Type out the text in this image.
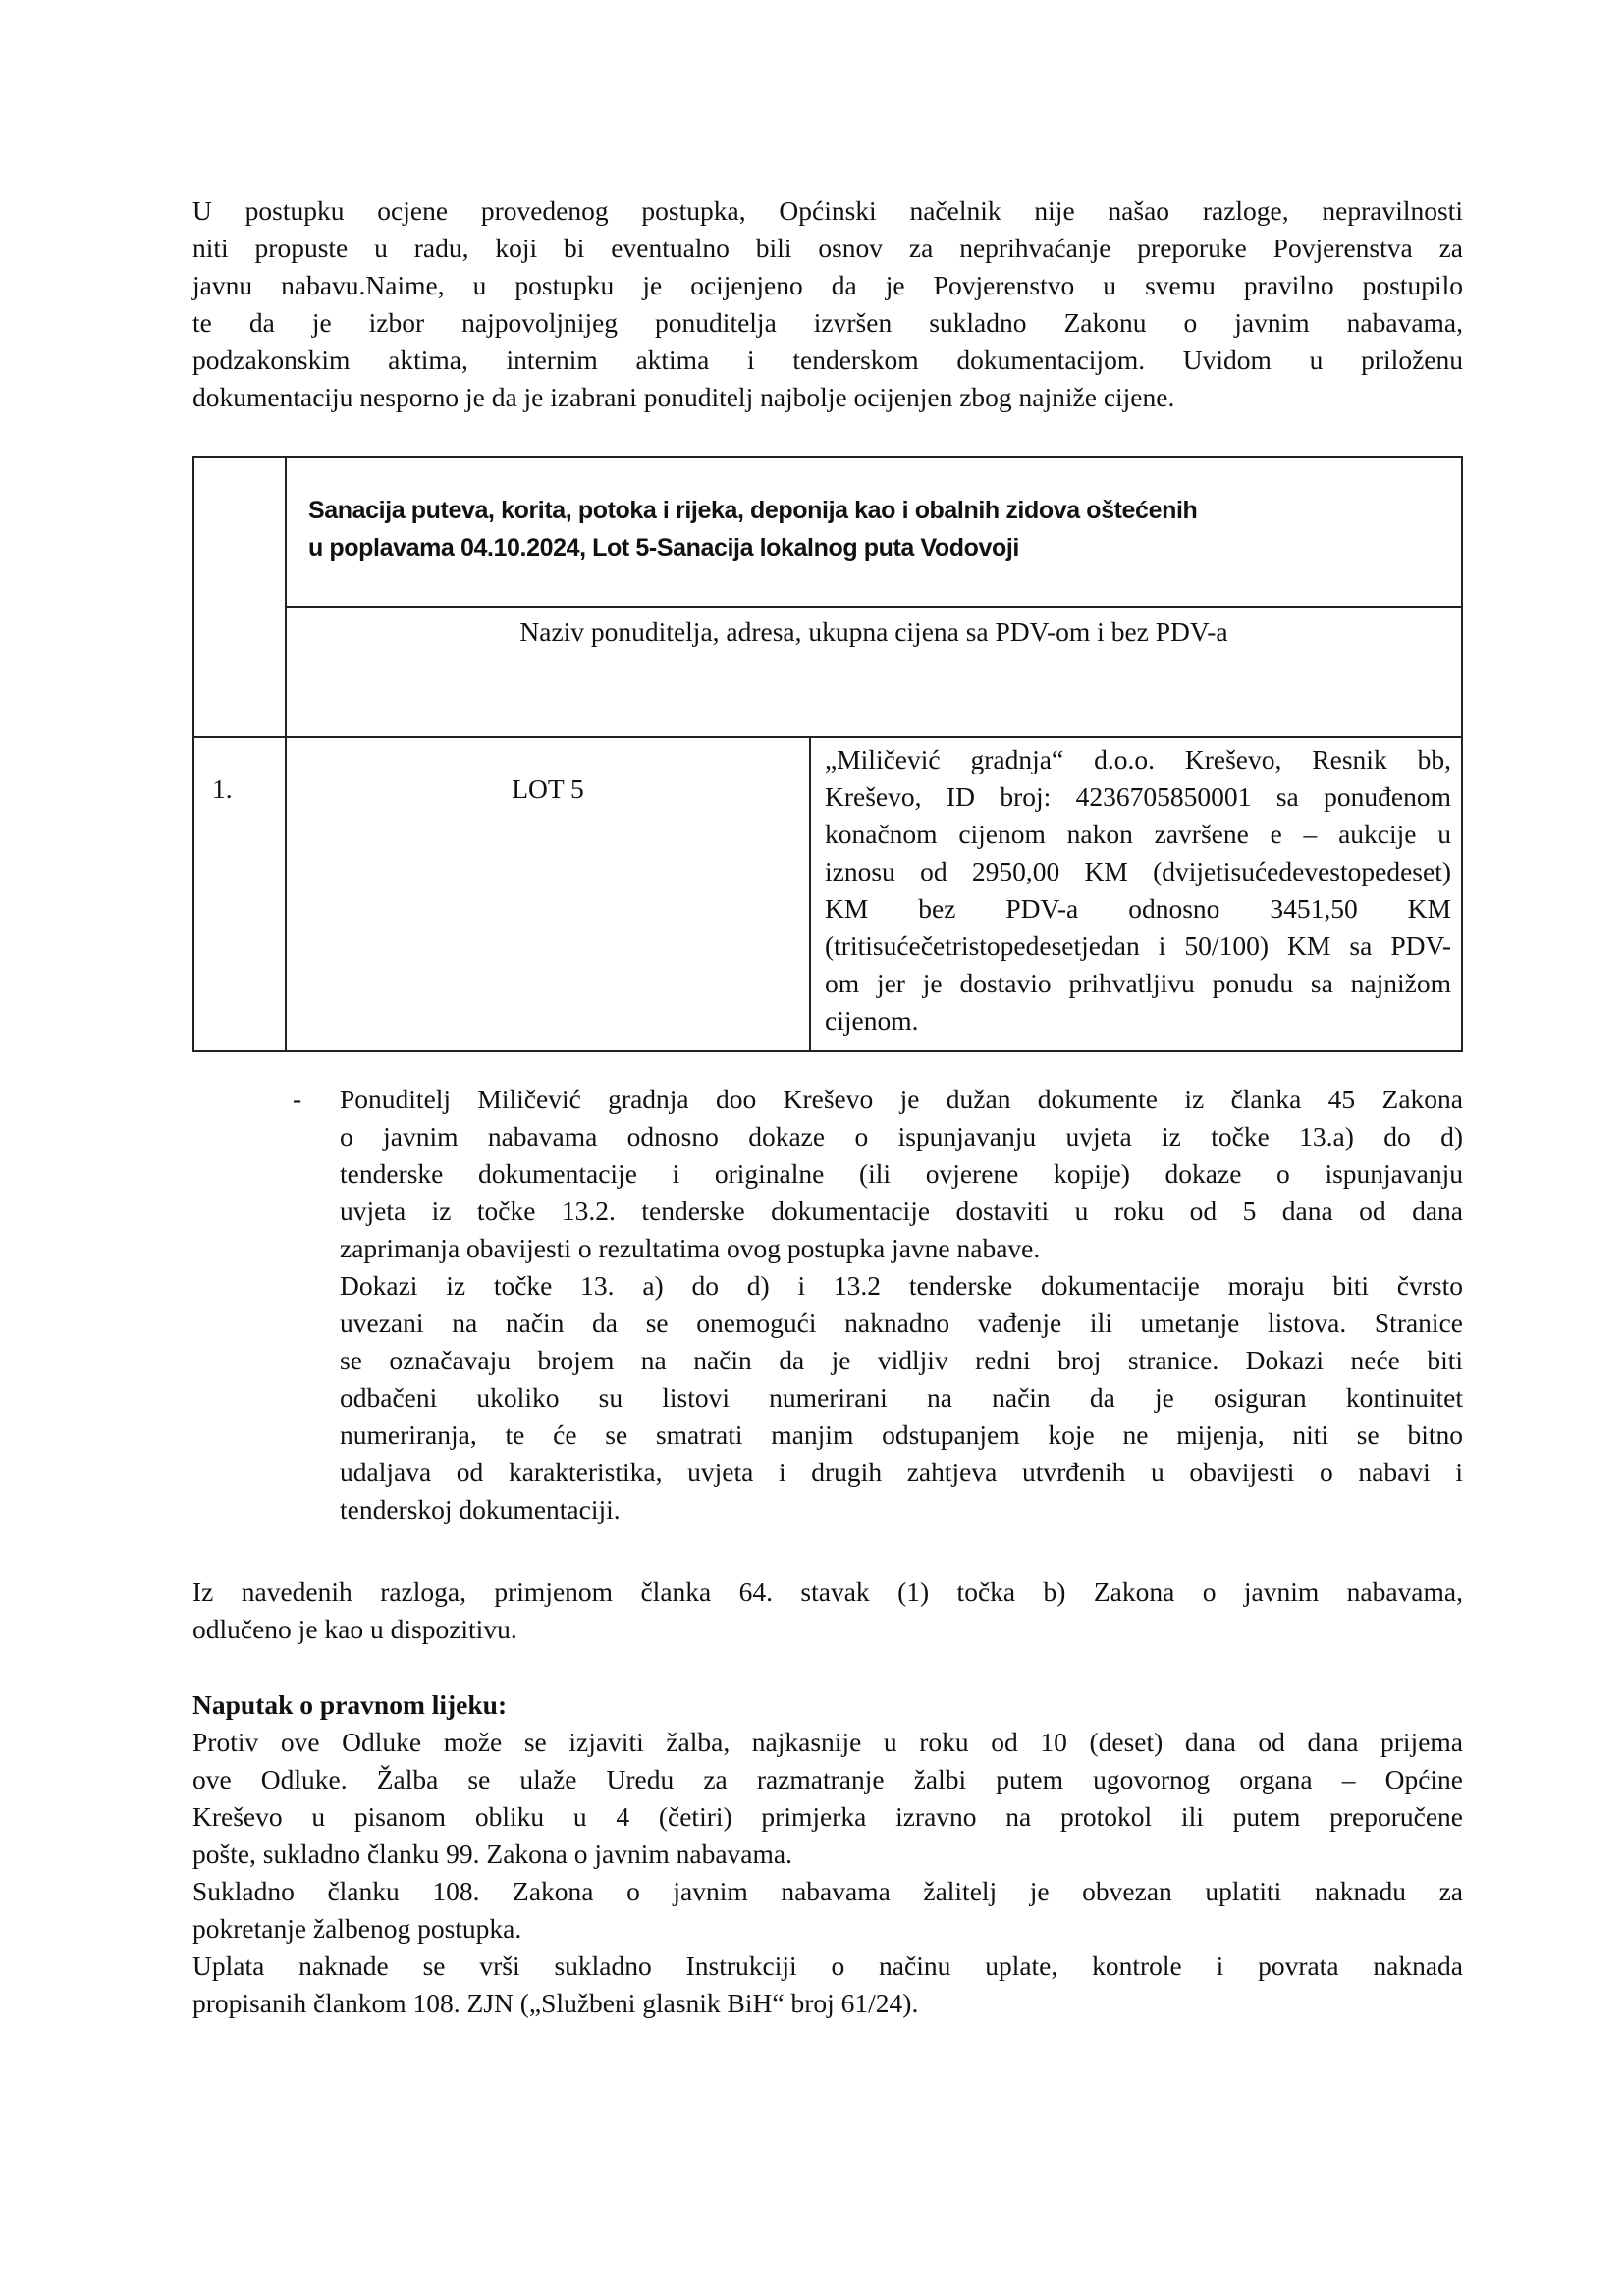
U postupku ocjene provedenog postupka, Općinski načelnik nije našao razloge, nepravilnosti
niti propuste u radu, koji bi eventualno bili osnov za neprihvaćanje preporuke Povjerenstva za
javnu nabavu.Naime, u postupku je ocijenjeno da je Povjerenstvo u svemu pravilno postupilo
te da je izbor najpovoljnijeg ponuditelja izvršen sukladno Zakonu o javnim nabavama,
podzakonskim aktima, internim aktima i tenderskom dokumentacijom. Uvidom u priloženu
dokumentaciju nesporno je da je izabrani ponuditelj najbolje ocijenjen zbog najniže cijene.
Sanacija puteva, korita, potoka i rijeka, deponija kao i obalnih zidova oštećenih
u poplavama 04.10.2024, Lot 5-Sanacija lokalnog puta Vodovoji
Naziv ponuditelja, adresa, ukupna cijena sa PDV-om i bez PDV-a
1.	LOT 5
„Miličević gradnja“ d.o.o. Kreševo, Resnik bb,
Kreševo, ID broj: 4236705850001 sa ponuđenom
konačnom cijenom nakon završene e – aukcije u
iznosu od 2950,00 KM (dvijetisućedevestopedeset)
KM bez PDV-a odnosno 3451,50 KM
(tritisućečetristopedesetjedan i 50/100) KM sa PDV-
om jer je dostavio prihvatljivu ponudu sa najnižom
cijenom.
- Ponuditelj Miličević gradnja doo Kreševo je dužan dokumente iz članka 45 Zakona
o javnim nabavama odnosno dokaze o ispunjavanju uvjeta iz točke 13.a) do d)
tenderske dokumentacije i originalne (ili ovjerene kopije) dokaze o ispunjavanju
uvjeta iz točke 13.2. tenderske dokumentacije dostaviti u roku od 5 dana od dana
zaprimanja obavijesti o rezultatima ovog postupka javne nabave.
Dokazi iz točke 13. a) do d) i 13.2 tenderske dokumentacije moraju biti čvrsto
uvezani na način da se onemogući naknadno vađenje ili umetanje listova. Stranice
se označavaju brojem na način da je vidljiv redni broj stranice. Dokazi neće biti
odbačeni ukoliko su listovi numerirani na način da je osiguran kontinuitet
numeriranja, te će se smatrati manjim odstupanjem koje ne mijenja, niti se bitno
udaljava od karakteristika, uvjeta i drugih zahtjeva utvrđenih u obavijesti o nabavi i
tenderskoj dokumentaciji.
Iz navedenih razloga, primjenom članka 64. stavak (1) točka b) Zakona o javnim nabavama,
odlučeno je kao u dispozitivu.
Naputak o pravnom lijeku:
Protiv ove Odluke može se izjaviti žalba, najkasnije u roku od 10 (deset) dana od dana prijema
ove Odluke. Žalba se ulaže Uredu za razmatranje žalbi putem ugovornog organa – Općine
Kreševo u pisanom obliku u 4 (četiri) primjerka izravno na protokol ili putem preporučene
pošte, sukladno članku 99. Zakona o javnim nabavama.
Sukladno članku 108. Zakona o javnim nabavama žalitelj je obvezan uplatiti naknadu za
pokretanje žalbenog postupka.
Uplata naknade se vrši sukladno Instrukciji o načinu uplate, kontrole i povrata naknada
propisanih člankom 108. ZJN („Službeni glasnik BiH“ broj 61/24).
